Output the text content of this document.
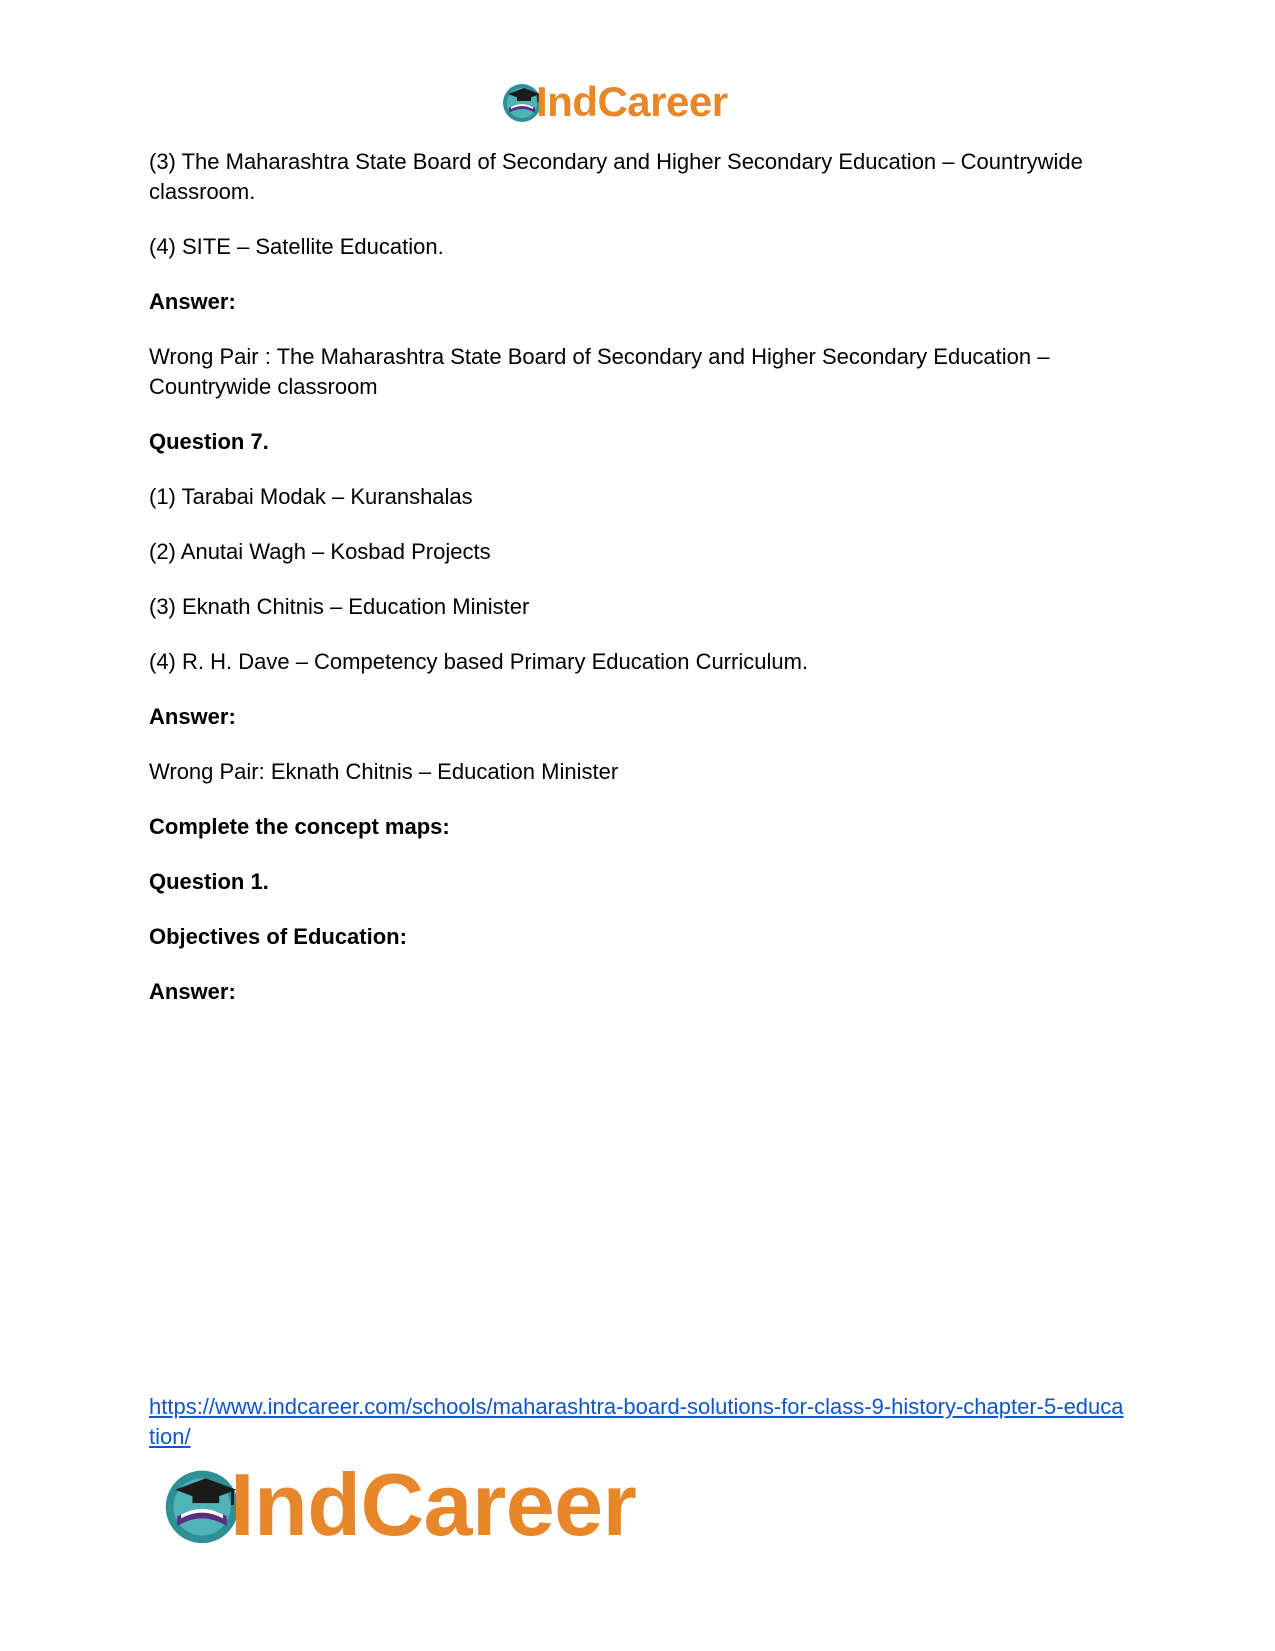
IndCareer

(3) The Maharashtra State Board of Secondary and Higher Secondary Education – Countrywide classroom.

(4) SITE – Satellite Education.

Answer:

Wrong Pair : The Maharashtra State Board of Secondary and Higher Secondary Education – Countrywide classroom

Question 7.

(1) Tarabai Modak – Kuranshalas

(2) Anutai Wagh – Kosbad Projects

(3) Eknath Chitnis – Education Minister

(4) R. H. Dave – Competency based Primary Education Curriculum.

Answer:

Wrong Pair: Eknath Chitnis – Education Minister

Complete the concept maps:

Question 1.

Objectives of Education:

Answer:

https://www.indcareer.com/schools/maharashtra-board-solutions-for-class-9-history-chapter-5-education/
IndCareer
